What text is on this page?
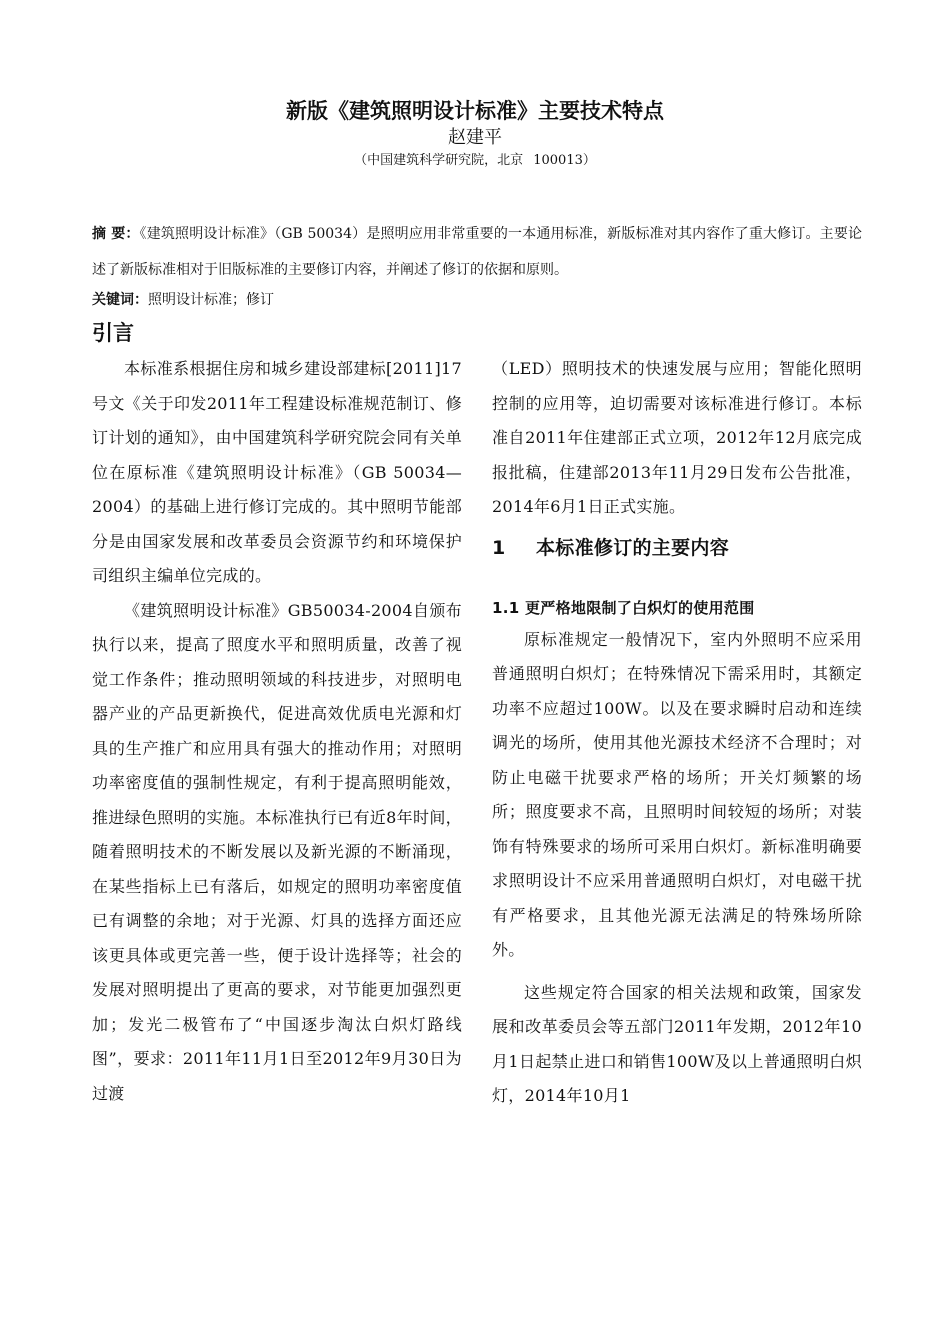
新版《建筑照明设计标准》主要技术特点
赵建平
（中国建筑科学研究院，北京 100013）
摘 要：《建筑照明设计标准》（GB 50034）是照明应用非常重要的一本通用标准，新版标准对其内容作了重大修订。主要论述了新版标准相对于旧版标准的主要修订内容，并阐述了修订的依据和原则。
关键词：照明设计标准；修订
引言

本标准系根据住房和城乡建设部建标[2011]17号文《关于印发2011年工程建设标准规范制订、修订计划的通知》，由中国建筑科学研究院会同有关单位在原标准《建筑照明设计标准》（GB 50034—2004）的基础上进行修订完成的。其中照明节能部分是由国家发展和改革委员会资源节约和环境保护司组织主编单位完成的。

《建筑照明设计标准》GB50034-2004自颁布执行以来，提高了照度水平和照明质量，改善了视觉工作条件；推动照明领域的科技进步，对照明电器产业的产品更新换代，促进高效优质电光源和灯具的生产推广和应用具有强大的推动作用；对照明功率密度值的强制性规定，有利于提高照明能效，推进绿色照明的实施。本标准执行已有近8年时间，随着照明技术的不断发展以及新光源的不断涌现，在某些指标上已有落后，如规定的照明功率密度值已有调整的余地；对于光源、灯具的选择方面还应该更具体或更完善一些，便于设计选择等；社会的发展对照明提出了更高的要求，对节能更加强烈更加；发光二极管布了“中国逐步淘汰白炽灯路线图”，要求：2011年11月1日至2012年9月30日为过渡

（LED）照明技术的快速发展与应用；智能化照明控制的应用等，迫切需要对该标准进行修订。本标准自2011年住建部正式立项，2012年12月底完成报批稿，住建部2013年11月29日发布公告批准，2014年6月1日正式实施。

1 本标准修订的主要内容
1.1 更严格地限制了白炽灯的使用范围

原标准规定一般情况下，室内外照明不应采用普通照明白炽灯；在特殊情况下需采用时，其额定功率不应超过100W。以及在要求瞬时启动和连续调光的场所，使用其他光源技术经济不合理时；对防止电磁干扰要求严格的场所；开关灯频繁的场所；照度要求不高，且照明时间较短的场所；对装饰有特殊要求的场所可采用白炽灯。新标准明确要求照明设计不应采用普通照明白炽灯，对电磁干扰有严格要求，且其他光源无法满足的特殊场所除外。

这些规定符合国家的相关法规和政策，国家发展和改革委员会等五部门2011年发期，2012年10月1日起禁止进口和销售100W及以上普通照明白炽灯，2014年10月1
